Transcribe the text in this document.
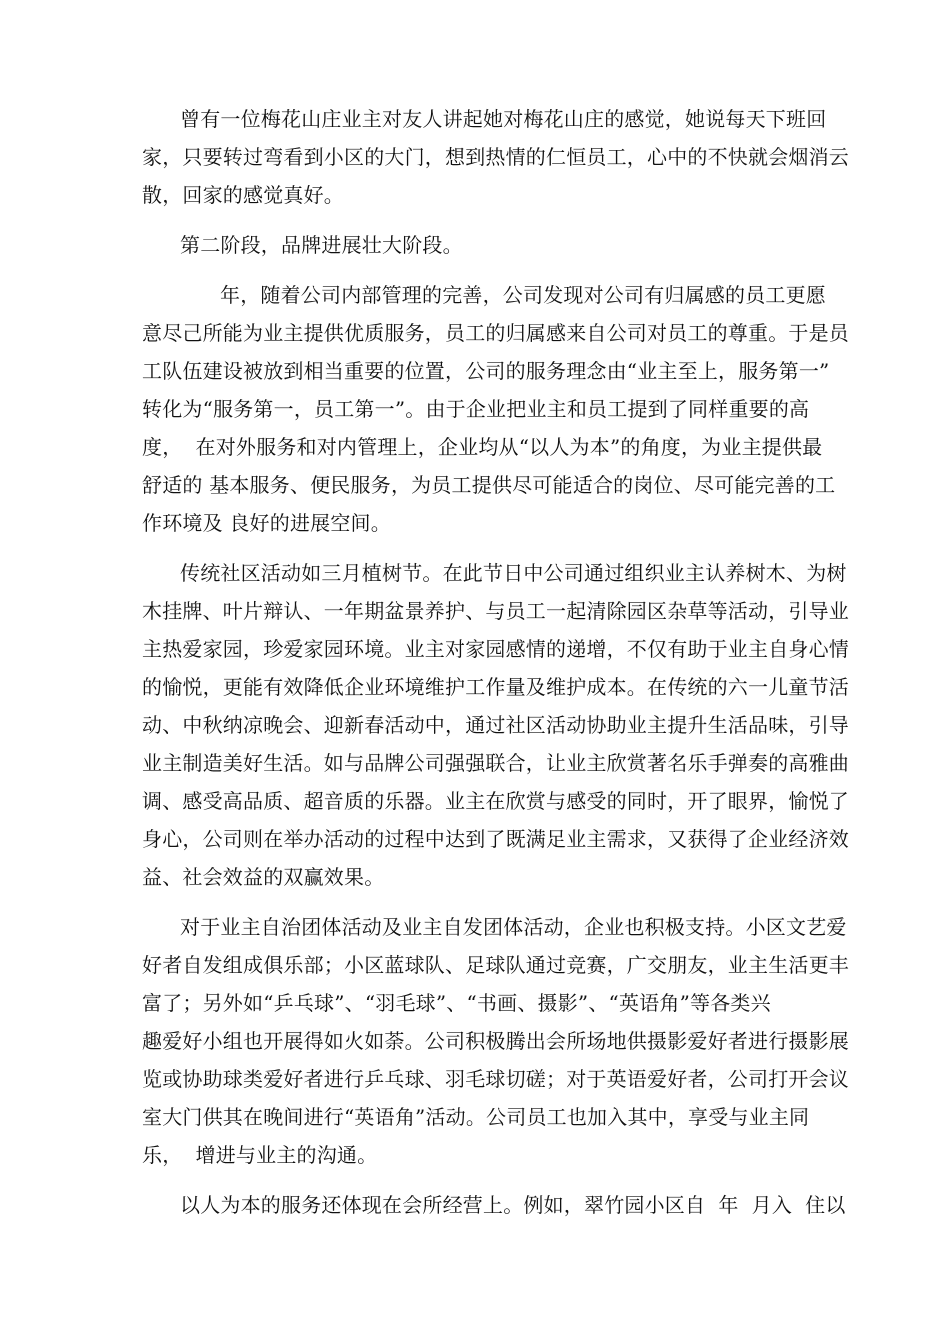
曾有一位梅花山庄业主对友人讲起她对梅花山庄的感觉，她说每天下班回
家，只要转过弯看到小区的大门，想到热情的仁恒员工，心中的不快就会烟消云
散，回家的感觉真好。
第二阶段，品牌进展壮大阶段。
年，随着公司内部管理的完善，公司发现对公司有归属感的员工更愿
意尽己所能为业主提供优质服务，员工的归属感来自公司对员工的尊重。于是员
工队伍建设被放到相当重要的位置，公司的服务理念由“业主至上，服务第一”
转化为“服务第一，员工第一”。由于企业把业主和员工提到了同样重要的高
度，  在对外服务和对内管理上，企业均从“以人为本”的角度，为业主提供最
舒适的 基本服务、便民服务，为员工提供尽可能适合的岗位、尽可能完善的工
作环境及 良好的进展空间。
传统社区活动如三月植树节。在此节日中公司通过组织业主认养树木、为树
木挂牌、叶片辩认、一年期盆景养护、与员工一起清除园区杂草等活动，引导业
主热爱家园，珍爱家园环境。业主对家园感情的递增，不仅有助于业主自身心情
的愉悦，更能有效降低企业环境维护工作量及维护成本。在传统的六一儿童节活
动、中秋纳凉晚会、迎新春活动中，通过社区活动协助业主提升生活品味，引导
业主制造美好生活。如与品牌公司强强联合，让业主欣赏著名乐手弹奏的高雅曲
调、感受高品质、超音质的乐器。业主在欣赏与感受的同时，开了眼界，愉悦了
身心，公司则在举办活动的过程中达到了既满足业主需求，又获得了企业经济效
益、社会效益的双赢效果。
对于业主自治团体活动及业主自发团体活动，企业也积极支持。小区文艺爱
好者自发组成俱乐部；小区蓝球队、足球队通过竞赛，广交朋友，业主生活更丰
富了；另外如“乒乓球”、“羽毛球”、“书画、摄影”、“英语角”等各类兴
趣爱好小组也开展得如火如荼。公司积极腾出会所场地供摄影爱好者进行摄影展
览或协助球类爱好者进行乒乓球、羽毛球切磋；对于英语爱好者，公司打开会议
室大门供其在晚间进行“英语角”活动。公司员工也加入其中，享受与业主同
乐，  增进与业主的沟通。
以人为本的服务还体现在会所经营上。例如，翠竹园小区自  年  月入  住以
